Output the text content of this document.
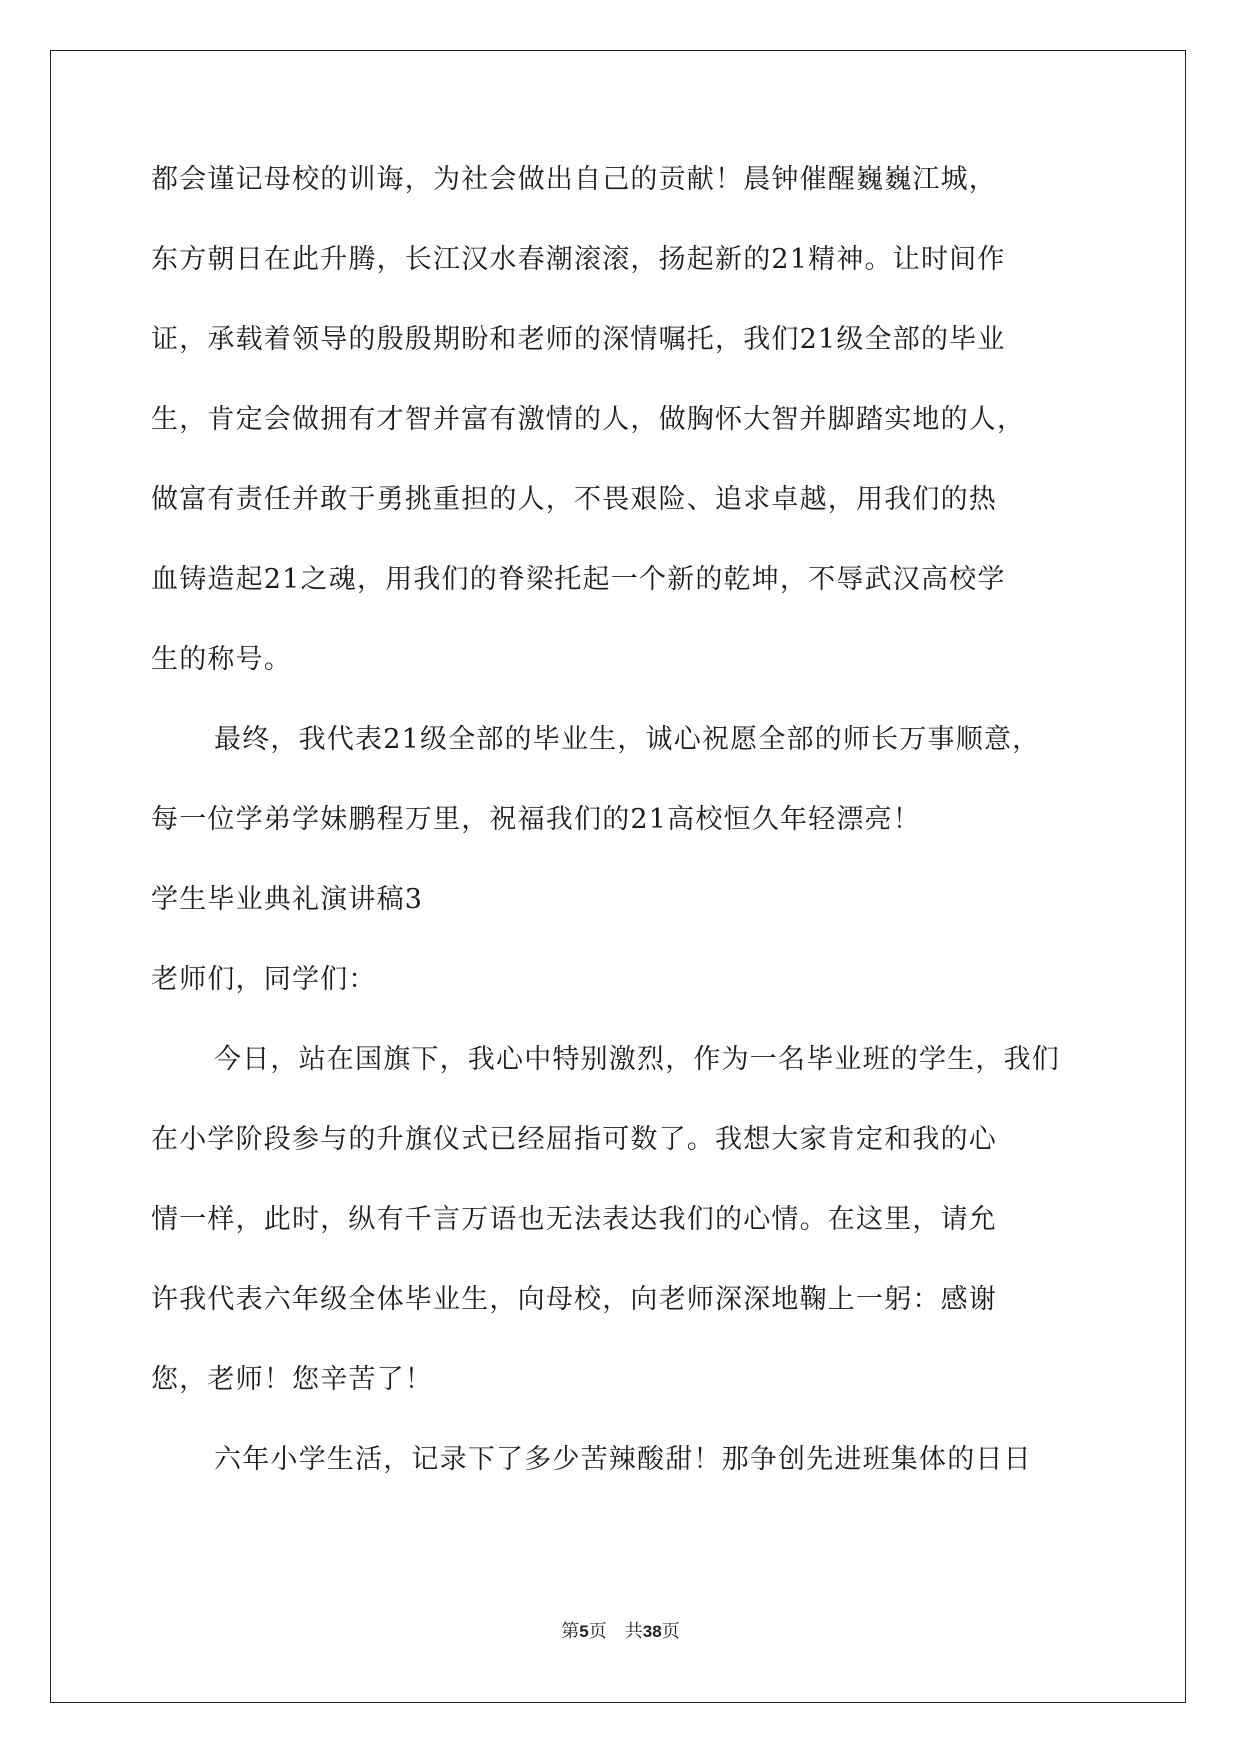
都会谨记母校的训诲，为社会做出自己的贡献！晨钟催醒巍巍江城，
东方朝日在此升腾，长江汉水春潮滚滚，扬起新的21精神。让时间作
证，承载着领导的殷殷期盼和老师的深情嘱托，我们21级全部的毕业
生，肯定会做拥有才智并富有激情的人，做胸怀大智并脚踏实地的人，
做富有责任并敢于勇挑重担的人，不畏艰险、追求卓越，用我们的热
血铸造起21之魂，用我们的脊梁托起一个新的乾坤，不辱武汉高校学
生的称号。
最终，我代表21级全部的毕业生，诚心祝愿全部的师长万事顺意，
每一位学弟学妹鹏程万里，祝福我们的21高校恒久年轻漂亮！
学生毕业典礼演讲稿3
老师们，同学们：
今日，站在国旗下，我心中特别激烈，作为一名毕业班的学生，我们
在小学阶段参与的升旗仪式已经屈指可数了。我想大家肯定和我的心
情一样，此时，纵有千言万语也无法表达我们的心情。在这里，请允
许我代表六年级全体毕业生，向母校，向老师深深地鞠上一躬：感谢
您，老师！您辛苦了！
六年小学生活，记录下了多少苦辣酸甜！那争创先进班集体的日日
第5页 共38页
